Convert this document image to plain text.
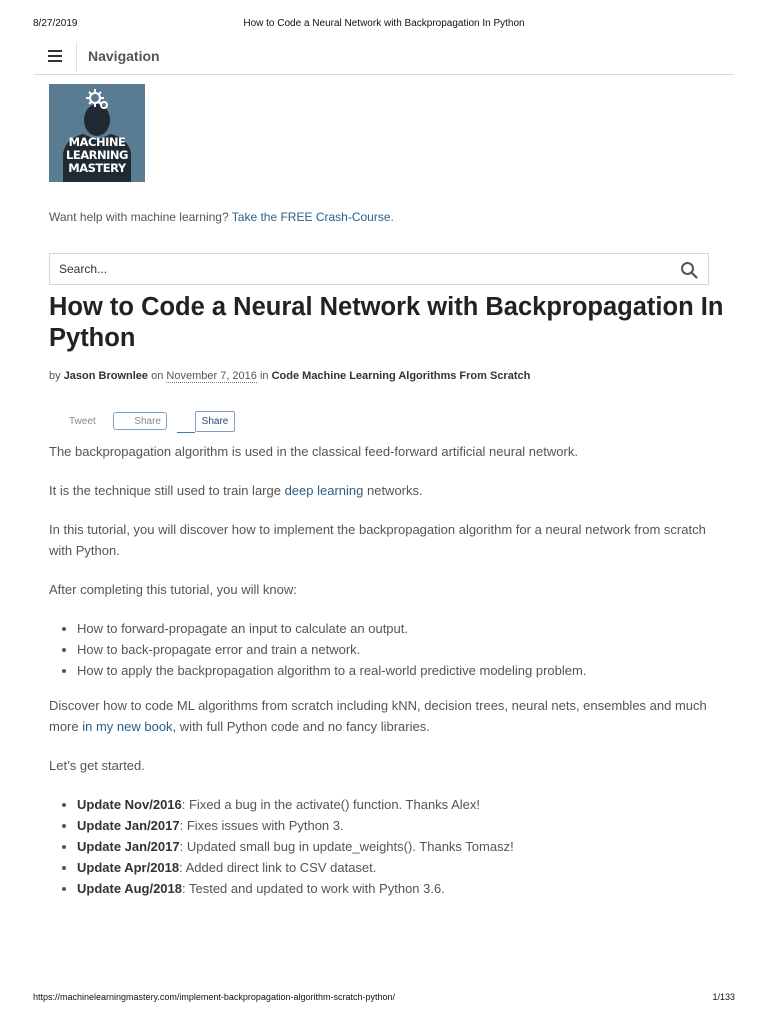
8/27/2019	How to Code a Neural Network with Backpropagation In Python
Navigation
MACHINE
LEARNING
MASTERY
Want help with machine learning? Take the FREE Crash-Course.
Search...
How to Code a Neural Network with Backpropagation In Python
by Jason Brownlee on November 7, 2016 in Code Machine Learning Algorithms From Scratch
Tweet	Share	Share

The backpropagation algorithm is used in the classical feed-forward artificial neural network.

It is the technique still used to train large deep learning networks.

In this tutorial, you will discover how to implement the backpropagation algorithm for a neural network from scratch with Python.

After completing this tutorial, you will know:

• How to forward-propagate an input to calculate an output.
• How to back-propagate error and train a network.
• How to apply the backpropagation algorithm to a real-world predictive modeling problem.

Discover how to code ML algorithms from scratch including kNN, decision trees, neural nets, ensembles and much more in my new book, with full Python code and no fancy libraries.

Let’s get started.

• Update Nov/2016: Fixed a bug in the activate() function. Thanks Alex!
• Update Jan/2017: Fixes issues with Python 3.
• Update Jan/2017: Updated small bug in update_weights(). Thanks Tomasz!
• Update Apr/2018: Added direct link to CSV dataset.
• Update Aug/2018: Tested and updated to work with Python 3.6.
https://machinelearningmastery.com/implement-backpropagation-algorithm-scratch-python/	1/133
